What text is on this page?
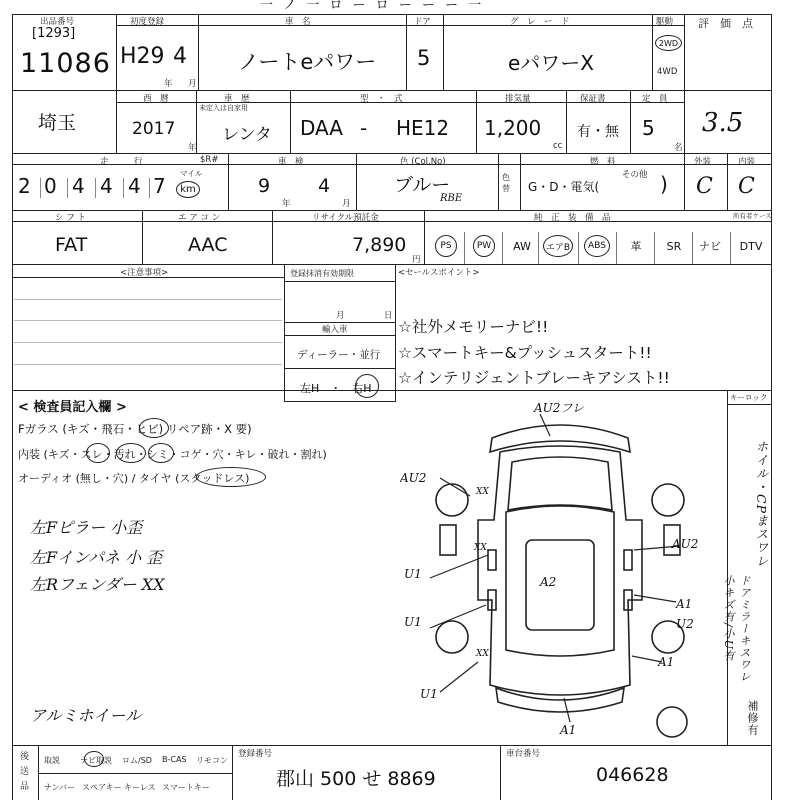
一 ノ 一 ロ ー ロ ー ー ー 一
出品番号
[1293]
11086
初度登録
H29 4
年 月
車　名
ノートeパワー
ドア
5
グ　レ　ー　ド
eパワーX
駆動
2WD
4WD
評　価　点
3.5
埼玉
西　暦
2017
年
車　歴
未定入は自家用
レンタ
型　・　式
DAA - HE12
排気量
1,200
cc
保証書
有・無
定　員
5
名
走　　　行	$R#
2 0 4 4 4 7
マイル
km
車　検
9	4
年	月
色 (Col.No)
ブルー
RBE
色替
燃　料
G・D・電気(
その他 )
外装
C
内装
C
シ フ ト
FAT
エ ア コ ン
AAC
リサイクル預託金
7,890
円
純　正　装　備　品	所有者ケース
PS	PW	AW	エアB	ABS	革	SR	ナビ	DTV
<注意事項>	登録抹消有効期限
月	日
輸入車
ディーラー・並行
左H　・　右H
<セールスポイント>
☆社外メモリーナビ!!
☆スマートキー&プッシュスタート!!
☆インテリジェントブレーキアシスト!!
< 検査員記入欄 >
Fガラス (キズ・飛石・ヒビ) リペア跡・X 要)
内装 (キズ・スレ・汚れ・シミ・コゲ・穴・キレ・破れ・割れ)
オーディオ (無し・穴) / タイヤ (スタッドレス)
左Fピラー 小歪
左Fインパネ 小 歪
左Rフェンダー XX
アルミホイール
AU2フレ
AU2
U1
U1
U1
A2
AU2
A1
U2
A1
A1
XX
XX
XX
キーロック
ホイル・CPまスワレ
ドアミラーキスワレ
小キズ有/小U有
補修有
後
送
品
取説	ナビ取説 ロム/SD B-CAS リモコン
ナンバー スペアキー キーレス スマートキー
登録番号
郡山 500 せ 8869
車台番号
046628
